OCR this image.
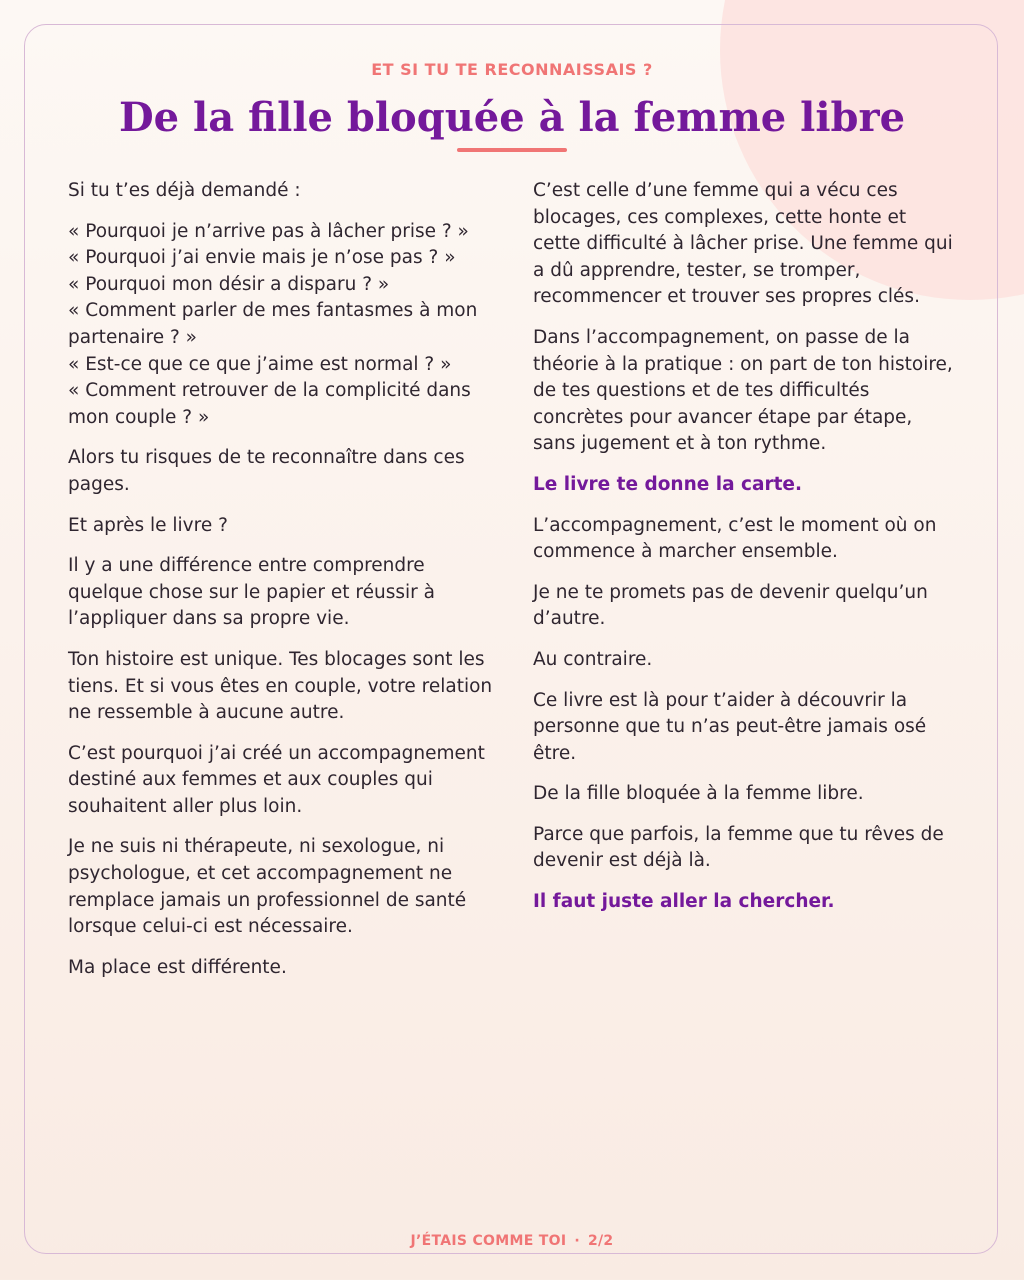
ET SI TU TE RECONNAISSAIS ?
De la fille bloquée à la femme libre

Si tu t’es déjà demandé :

« Pourquoi je n’arrive pas à lâcher prise ? »
« Pourquoi j’ai envie mais je n’ose pas ? »
« Pourquoi mon désir a disparu ? »
« Comment parler de mes fantasmes à mon partenaire ? »
« Est-ce que ce que j’aime est normal ? »
« Comment retrouver de la complicité dans mon couple ? »

Alors tu risques de te reconnaître dans ces pages.

Et après le livre ?

Il y a une différence entre comprendre quelque chose sur le papier et réussir à l’appliquer dans sa propre vie.

Ton histoire est unique. Tes blocages sont les tiens. Et si vous êtes en couple, votre relation ne ressemble à aucune autre.

C’est pourquoi j’ai créé un accompagnement destiné aux femmes et aux couples qui souhaitent aller plus loin.

Je ne suis ni thérapeute, ni sexologue, ni psychologue, et cet accompagnement ne remplace jamais un professionnel de santé lorsque celui-ci est nécessaire.

Ma place est différente.

C’est celle d’une femme qui a vécu ces blocages, ces complexes, cette honte et cette difficulté à lâcher prise. Une femme qui a dû apprendre, tester, se tromper, recommencer et trouver ses propres clés.

Dans l’accompagnement, on passe de la théorie à la pratique : on part de ton histoire, de tes questions et de tes difficultés concrètes pour avancer étape par étape, sans jugement et à ton rythme.

Le livre te donne la carte.

L’accompagnement, c’est le moment où on commence à marcher ensemble.

Je ne te promets pas de devenir quelqu’un d’autre.

Au contraire.

Ce livre est là pour t’aider à découvrir la personne que tu n’as peut-être jamais osé être.

De la fille bloquée à la femme libre.

Parce que parfois, la femme que tu rêves de devenir est déjà là.

Il faut juste aller la chercher.

J’ÉTAIS COMME TOI · 2/2
